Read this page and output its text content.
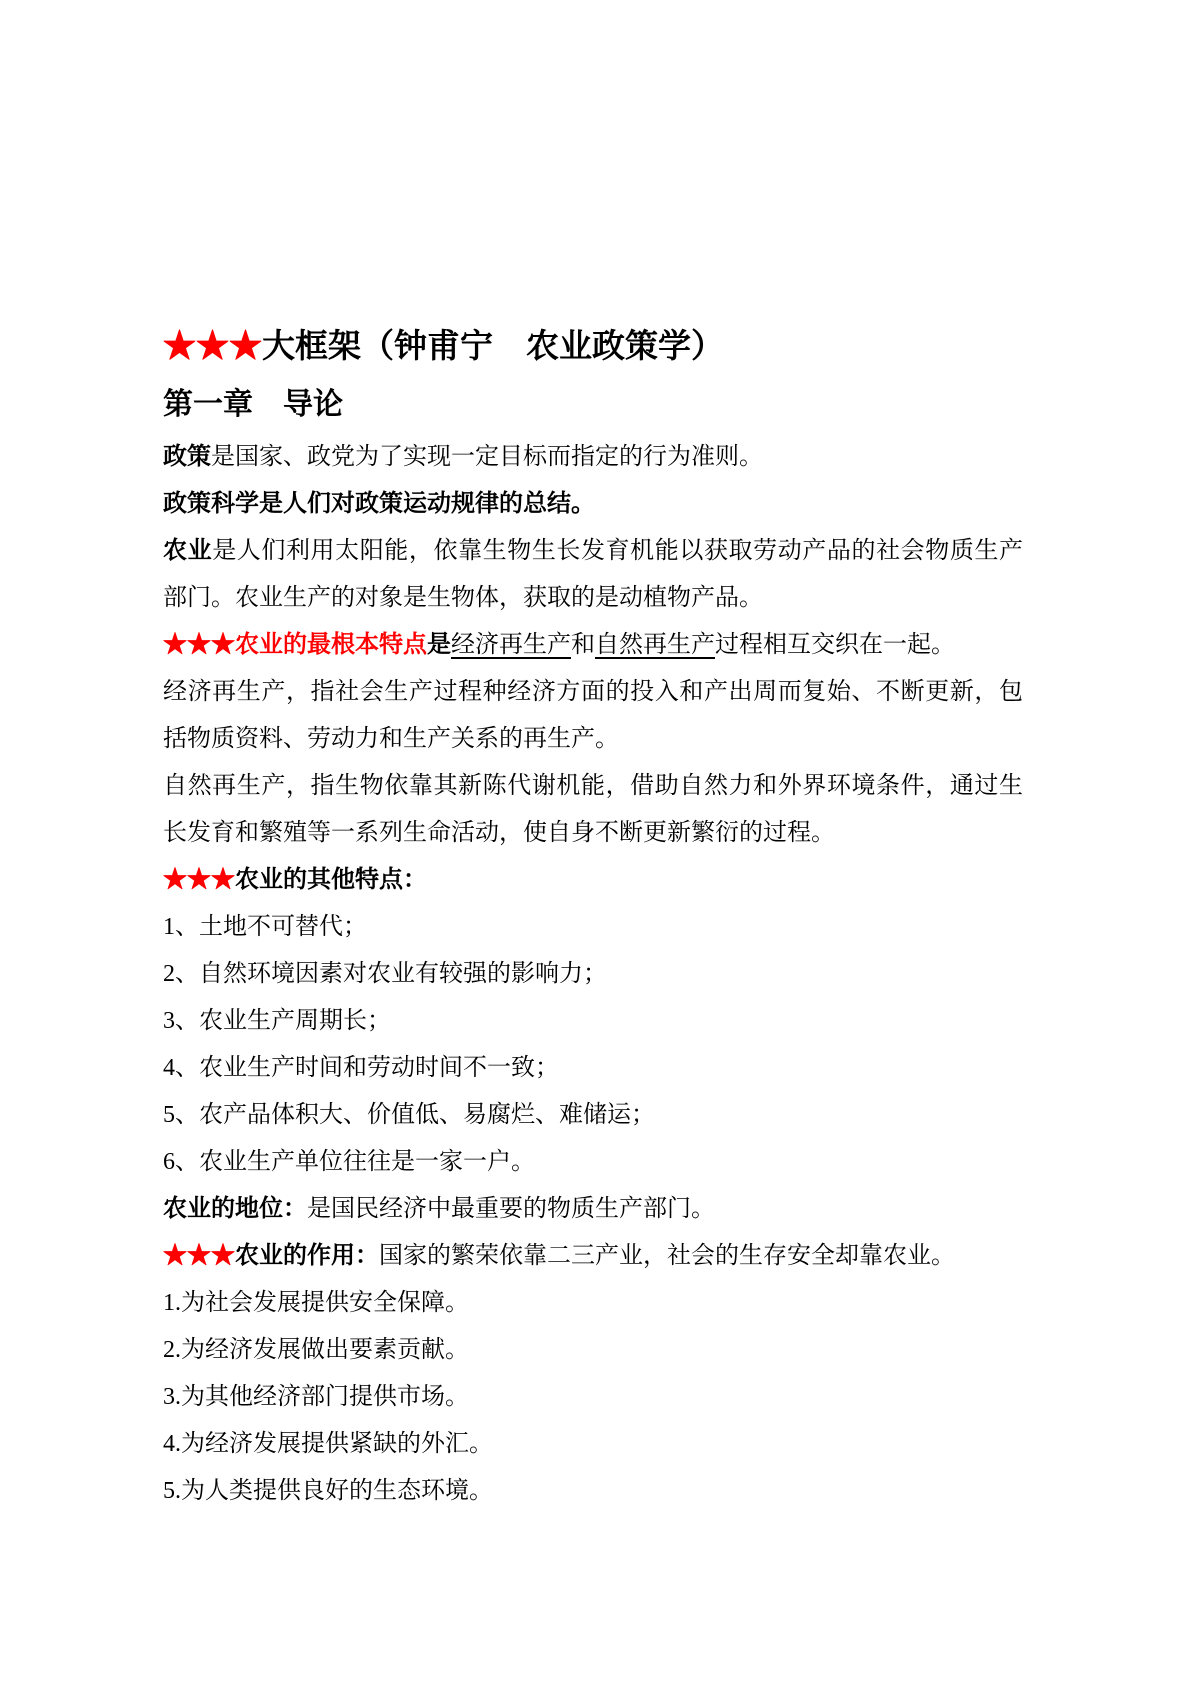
★★★大框架（钟甫宁　农业政策学）
第一章　导论

政策是国家、政党为了实现一定目标而指定的行为准则。

政策科学是人们对政策运动规律的总结。

农业是人们利用太阳能，依靠生物生长发育机能以获取劳动产品的社会物质生产部门。农业生产的对象是生物体，获取的是动植物产品。

★★★农业的最根本特点是经济再生产和自然再生产过程相互交织在一起。

经济再生产，指社会生产过程种经济方面的投入和产出周而复始、不断更新，包括物质资料、劳动力和生产关系的再生产。

自然再生产，指生物依靠其新陈代谢机能，借助自然力和外界环境条件，通过生长发育和繁殖等一系列生命活动，使自身不断更新繁衍的过程。

★★★农业的其他特点：

1、土地不可替代；

2、自然环境因素对农业有较强的影响力；

3、农业生产周期长；

4、农业生产时间和劳动时间不一致；

5、农产品体积大、价值低、易腐烂、难储运；

6、农业生产单位往往是一家一户。

农业的地位：是国民经济中最重要的物质生产部门。

★★★农业的作用：国家的繁荣依靠二三产业，社会的生存安全却靠农业。

1.为社会发展提供安全保障。

2.为经济发展做出要素贡献。

3.为其他经济部门提供市场。

4.为经济发展提供紧缺的外汇。

5.为人类提供良好的生态环境。
